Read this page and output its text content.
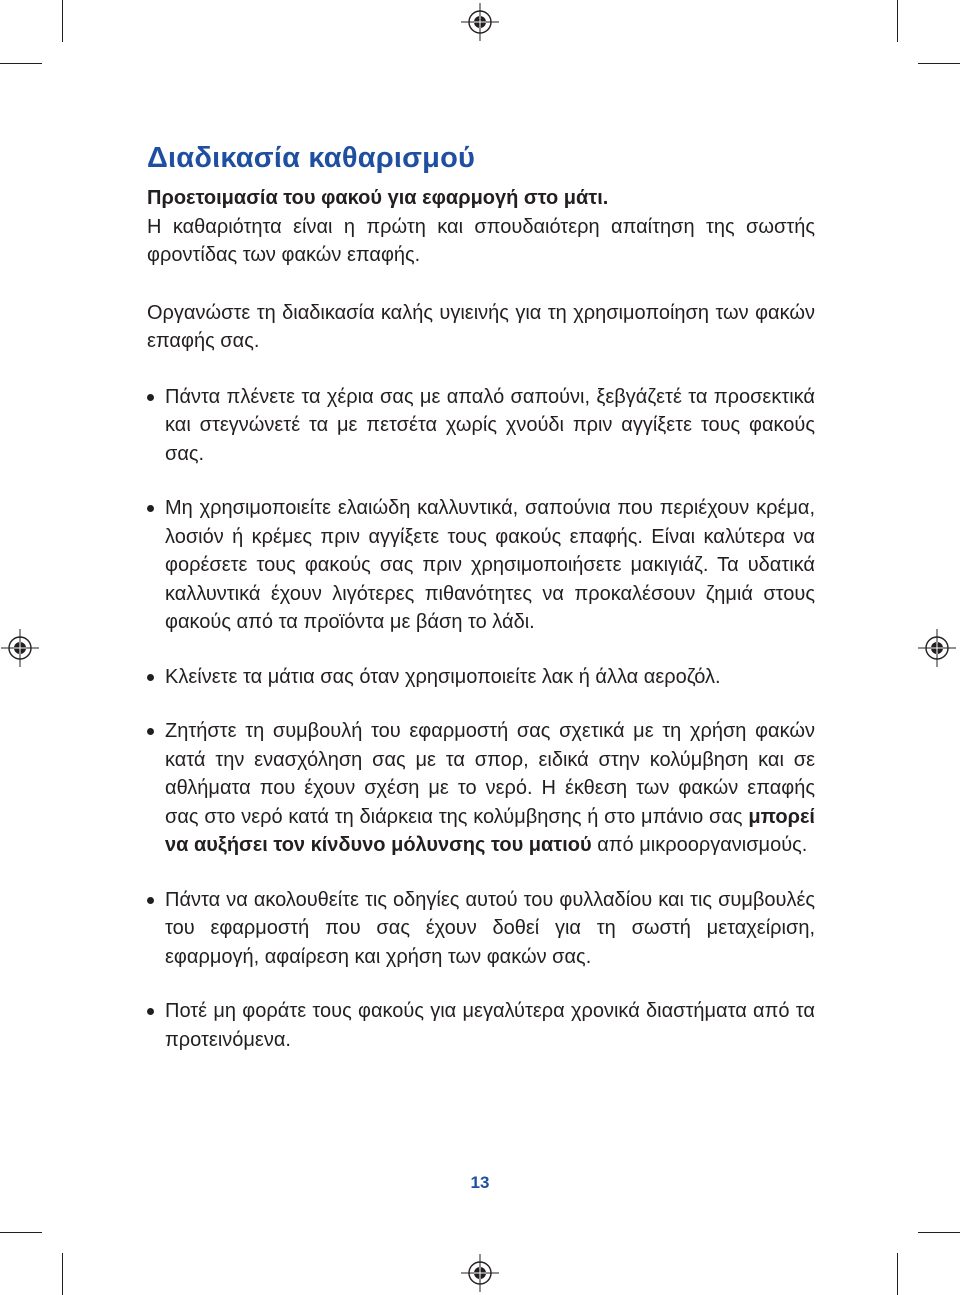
Διαδικασία καθαρισμού

Προετοιμασία του φακού για εφαρμογή στο μάτι.

Η καθαριότητα είναι η πρώτη και σπουδαιότερη απαίτηση της σωστής φροντίδας των φακών επαφής.

Οργανώστε τη διαδικασία καλής υγιεινής για τη χρησιμοποίηση των φακών επαφής σας.

Πάντα πλένετε τα χέρια σας με απαλό σαπούνι, ξεβγάζετέ τα προσεκτικά και στεγνώνετέ τα με πετσέτα χωρίς χνούδι πριν αγγίξετε τους φακούς σας.
Μη χρησιμοποιείτε ελαιώδη καλλυντικά, σαπούνια που περιέχουν κρέμα, λοσιόν ή κρέμες πριν αγγίξετε τους φακούς επαφής. Είναι καλύτερα να φορέσετε τους φακούς σας πριν χρησιμοποιήσετε μακιγιάζ. Τα υδατικά καλλυντικά έχουν λιγότερες πιθανότητες να προκαλέσουν ζημιά στους φακούς από τα προϊόντα με βάση το λάδι.
Κλείνετε τα μάτια σας όταν χρησιμοποιείτε λακ ή άλλα αεροζόλ.
Ζητήστε τη συμβουλή του εφαρμοστή σας σχετικά με τη χρήση φακών κατά την ενασχόληση σας με τα σπορ, ειδικά στην κολύμβηση και σε αθλήματα που έχουν σχέση με το νερό. Η έκθεση των φακών επαφής σας στο νερό κατά τη διάρκεια της κολύμβησης ή στο μπάνιο σας μπορεί να αυξήσει τον κίνδυνο μόλυνσης του ματιού από μικροοργανισμούς.
Πάντα να ακολουθείτε τις οδηγίες αυτού του φυλλαδίου και τις συμβουλές του εφαρμοστή που σας έχουν δοθεί για τη σωστή μεταχείριση, εφαρμογή, αφαίρεση και χρήση των φακών σας.
Ποτέ μη φοράτε τους φακούς για μεγαλύτερα χρονικά διαστήματα από τα προτεινόμενα.
13
